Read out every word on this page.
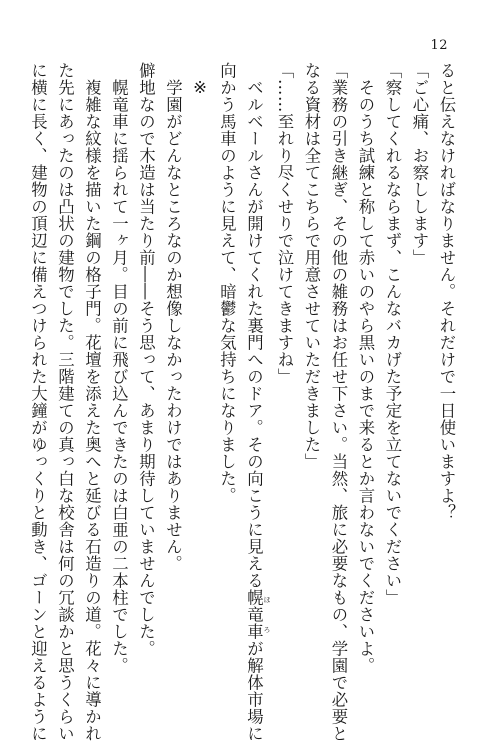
12
ると伝えなければなりません。それだけで一日使いますよ？
「ご心痛、お察しします」
「察してくれるならまず、こんなバカげた予定を立てないでください」
　そのうち試練と称して赤いのやら黒いのまで来るとか言わないでくださいよ。
「業務の引き継ぎ、その他の雑務はお任せ下さい。当然、旅に必要なもの、学園で必要と
なる資材は全てこちらで用意させていただきました」
「……至れり尽くせりで泣けてきますね」
　ベルベールさんが開けてくれた裏門へのドア。その向こうに見える幌竜車 ほろが解体市場に
向かう馬車のように見えて、暗鬱な気持ちになりました。
※
　学園がどんなところなのか想像しなかったわけではありません。
僻地なので木造は当たり前――そう思って、あまり期待していませんでした。
　幌竜車に揺られて一ヶ月。目の前に飛び込んできたのは白亜の二本柱でした。
　複雑な紋様を描いた鋼の格子門。花壇を添えた奥へと延びる石造りの道。花々に導かれ
た先にあったのは凸状の建物でした。三階建ての真っ白な校舎は何の冗談かと思うくらい
に横に長く、建物の頂辺に備えつけられた大鐘がゆっくりと動き、ゴーンと迎えるように
